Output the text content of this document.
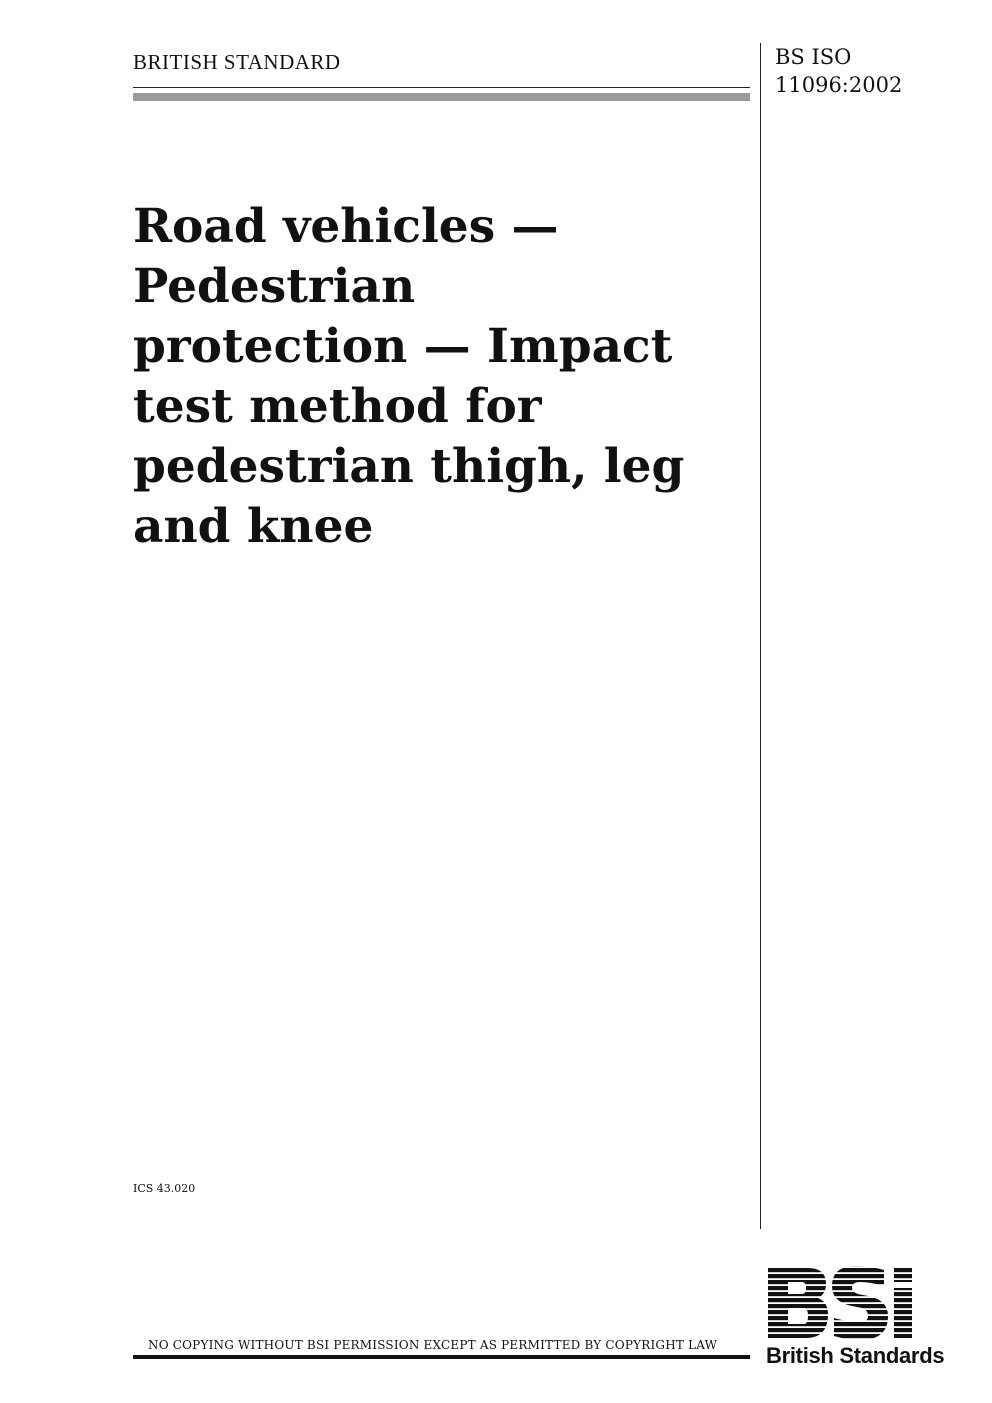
BRITISH STANDARD	BS ISO
11096:2002
Road vehicles —
Pedestrian
protection — Impact
test method for
pedestrian thigh, leg
and knee
ICS 43.020
NO COPYING WITHOUT BSI PERMISSION EXCEPT AS PERMITTED BY COPYRIGHT LAW British Standards
